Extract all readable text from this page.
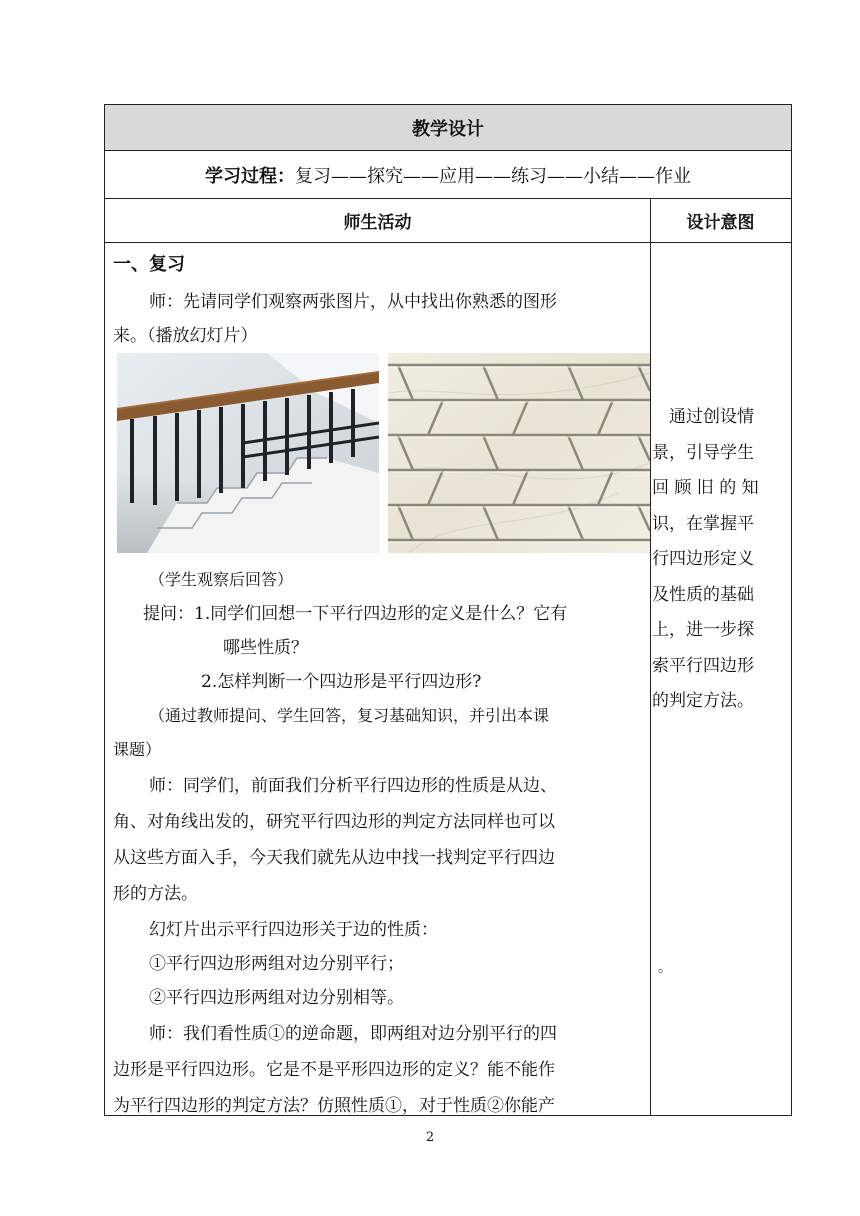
教学设计
学习过程： 复习——探究——应用——练习——小结——作业
师生活动	设计意图
一、复习
师：先请同学们观察两张图片，从中找出你熟悉的图形
来。（播放幻灯片）
（学生观察后回答）
提问：1.同学们回想一下平行四边形的定义是什么？它有
哪些性质？
2.怎样判断一个四边形是平行四边形?
（通过教师提问、学生回答，复习基础知识，并引出本课
课题）
师：同学们，前面我们分析平行四边形的性质是从边、
角、对角线出发的，研究平行四边形的判定方法同样也可以
从这些方面入手，今天我们就先从边中找一找判定平行四边
形的方法。
幻灯片出示平行四边形关于边的性质：
①平行四边形两组对边分别平行；
②平行四边形两组对边分别相等。
师：我们看性质①的逆命题，即两组对边分别平行的四
边形是平行四边形。它是不是平形四边形的定义？能不能作
为平行四边形的判定方法？仿照性质①，对于性质②你能产
　通过创设情
景，引导学生
回 顾 旧 的 知
识，在掌握平
行四边形定义
及性质的基础
上，进一步探
索平行四边形
的判定方法。
。
2
